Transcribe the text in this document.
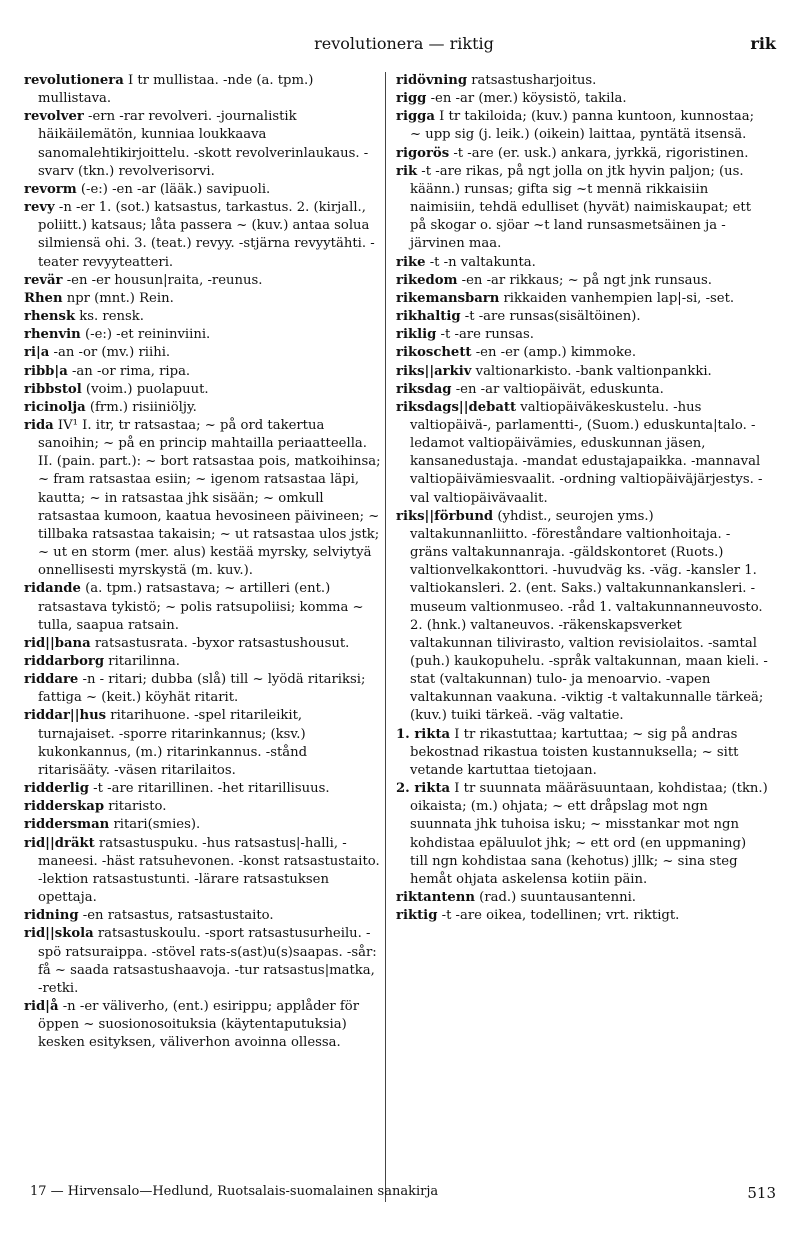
revolutionera — riktig	rik

revolutionera I tr mullistaa. -nde (a. tpm.) mullistava.

revolver -ern -rar revolveri. -journalistik häikäilemätön, kunniaa loukkaava sanomalehtikirjoittelu. -skott revolverinlaukaus. -svarv (tkn.) revolverisorvi.

revorm (-e:) -en -ar (lääk.) savipuoli.

revy -n -er 1. (sot.) katsastus, tarkastus. 2. (kirjall., poliitt.) katsaus; låta passera ~ (kuv.) antaa solua silmiensä ohi. 3. (teat.) revyy. -stjärna revyytähti. -teater revyyteatteri.

revär -en -er housun|raita, -reunus.

Rhen npr (mnt.) Rein.

rhensk ks. rensk.

rhenvin (-e:) -et reininviini.

ri|a -an -or (mv.) riihi.

ribb|a -an -or rima, ripa.

ribbstol (voim.) puolapuut.

ricinolja (frm.) risiiniöljy.

rida IV¹ I. itr, tr ratsastaa; ~ på ord takertua sanoihin; ~ på en princip mahtailla periaatteella. II. (pain. part.): ~ bort ratsastaa pois, matkoihinsa; ~ fram ratsastaa esiin; ~ igenom ratsastaa läpi, kautta; ~ in ratsastaa jhk sisään; ~ omkull ratsastaa kumoon, kaatua hevosineen päivineen; ~ tillbaka ratsastaa takaisin; ~ ut ratsastaa ulos jstk; ~ ut en storm (mer. alus) kestää myrsky, selviytyä onnellisesti myrskystä (m. kuv.).

ridande (a. tpm.) ratsastava; ~ artilleri (ent.) ratsastava tykistö; ~ polis ratsupoliisi; komma ~ tulla, saapua ratsain.

rid||bana ratsastusrata. -byxor ratsastushousut.

riddarborg ritarilinna.

riddare -n - ritari; dubba (slå) till ~ lyödä ritariksi; fattiga ~ (keit.) köyhät ritarit.

riddar||hus ritarihuone. -spel ritarileikit, turnajaiset. -sporre ritarinkannus; (ksv.) kukonkannus, (m.) ritarinkannus. -stånd ritarisääty. -väsen ritarilaitos.

ridderlig -t -are ritarillinen. -het ritarillisuus.

ridderskap ritaristo.

riddersman ritari(smies).

rid||dräkt ratsastuspuku. -hus ratsastus|-halli, -maneesi. -häst ratsuhevonen. -konst ratsastustaito. -lektion ratsastustunti. -lärare ratsastuksen opettaja.

ridning -en ratsastus, ratsastustaito.

rid||skola ratsastuskoulu. -sport ratsastusurheilu. -spö ratsuraippa. -stövel rats-s(ast)u(s)saapas. -sår: få ~ saada ratsastushaavoja. -tur ratsastus|matka, -retki.

rid|å -n -er väliverho, (ent.) esirippu; applåder för öppen ~ suosionosoituksia (käytentaputuksia) kesken esityksen, väliverhon avoinna ollessa.

ridövning ratsastusharjoitus.

rigg -en -ar (mer.) köysistö, takila.

rigga I tr takiloida; (kuv.) panna kuntoon, kunnostaa; ~ upp sig (j. leik.) (oikein) laittaa, pyntätä itsensä.

rigorös -t -are (er. usk.) ankara, jyrkkä, rigoristinen.

rik -t -are rikas, på ngt jolla on jtk hyvin paljon; (us. käänn.) runsas; gifta sig ~t mennä rikkaisiin naimisiin, tehdä edulliset (hyvät) naimiskaupat; ett på skogar o. sjöar ~t land runsasmetsäinen ja -järvinen maa.

rike -t -n valtakunta.

rikedom -en -ar rikkaus; ~ på ngt jnk runsaus.

rikemansbarn rikkaiden vanhempien lap|-si, -set.

rikhaltig -t -are runsas(sisältöinen).

riklig -t -are runsas.

rikoschett -en -er (amp.) kimmoke.

riks||arkiv valtionarkisto. -bank valtionpankki.

riksdag -en -ar valtiopäivät, eduskunta.

riksdags||debatt valtiopäiväkeskustelu. -hus valtiopäivä-, parlamentti-, (Suom.) eduskunta|talo. -ledamot valtiopäivämies, eduskunnan jäsen, kansanedustaja. -mandat edustajapaikka. -mannaval valtiopäivämiesvaalit. -ordning valtiopäiväjärjestys. -val valtiopäivävaalit.

riks||förbund (yhdist., seurojen yms.) valtakunnanliitto. -föreståndare valtionhoitaja. -gräns valtakunnanraja. -gäldskontoret (Ruots.) valtionvelkakonttori. -huvudväg ks. -väg. -kansler 1. valtiokansleri. 2. (ent. Saks.) valtakunnankansleri. -museum valtionmuseo. -råd 1. valtakunnanneuvosto. 2. (hnk.) valtaneuvos. -räkenskapsverket valtakunnan tilivirasto, valtion revisiolaitos. -samtal (puh.) kaukopuhelu. -språk valtakunnan, maan kieli. -stat (valtakunnan) tulo- ja menoarvio. -vapen valtakunnan vaakuna. -viktig -t valtakunnalle tärkeä; (kuv.) tuiki tärkeä. -väg valtatie.

1. rikta I tr rikastuttaa; kartuttaa; ~ sig på andras bekostnad rikastua toisten kustannuksella; ~ sitt vetande kartuttaa tietojaan.

2. rikta I tr suunnata määräsuuntaan, kohdistaa; (tkn.) oikaista; (m.) ohjata; ~ ett dråpslag mot ngn suunnata jhk tuhoisa isku; ~ misstankar mot ngn kohdistaa epäluulot jhk; ~ ett ord (en uppmaning) till ngn kohdistaa sana (kehotus) jllk; ~ sina steg hemåt ohjata askelensa kotiin päin.

riktantenn (rad.) suuntausantenni.

riktig -t -are oikea, todellinen; vrt. riktigt.

17 — Hirvensalo—Hedlund, Ruotsalais-suomalainen sanakirja	513
